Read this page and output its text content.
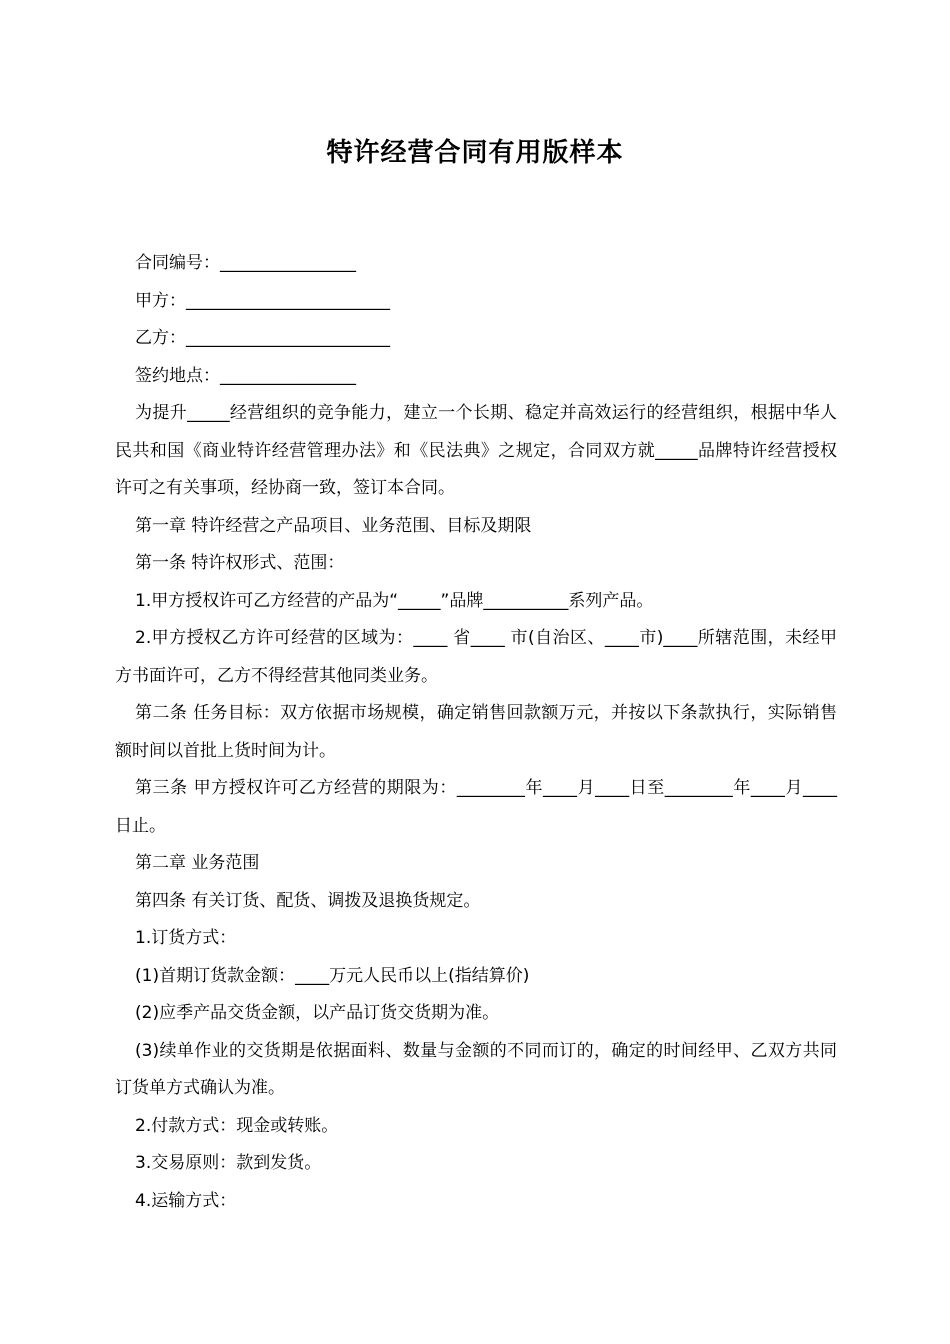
特许经营合同有用版样本

合同编号：________________

甲方：________________________

乙方：________________________

签约地点：________________

为提升_____经营组织的竞争能力，建立一个长期、稳定并高效运行的经营组织，根据中华人民共和国《商业特许经营管理办法》和《民法典》之规定，合同双方就_____品牌特许经营授权许可之有关事项，经协商一致，签订本合同。

第一章 特许经营之产品项目、业务范围、目标及期限

第一条 特许权形式、范围：

1.甲方授权许可乙方经营的产品为“_____”品牌__________系列产品。

2.甲方授权乙方许可经营的区域为：____ 省____ 市(自治区、____市)____所辖范围，未经甲方书面许可，乙方不得经营其他同类业务。

第二条 任务目标：双方依据市场规模，确定销售回款额万元，并按以下条款执行，实际销售额时间以首批上货时间为计。

第三条 甲方授权许可乙方经营的期限为：________年____月____日至________年____月____日止。

第二章 业务范围

第四条 有关订货、配货、调拨及退换货规定。

1.订货方式：

(1)首期订货款金额：____万元人民币以上(指结算价)

(2)应季产品交货金额，以产品订货交货期为准。

(3)续单作业的交货期是依据面料、数量与金额的不同而订的，确定的时间经甲、乙双方共同订货单方式确认为准。

2.付款方式：现金或转账。

3.交易原则：款到发货。

4.运输方式：
